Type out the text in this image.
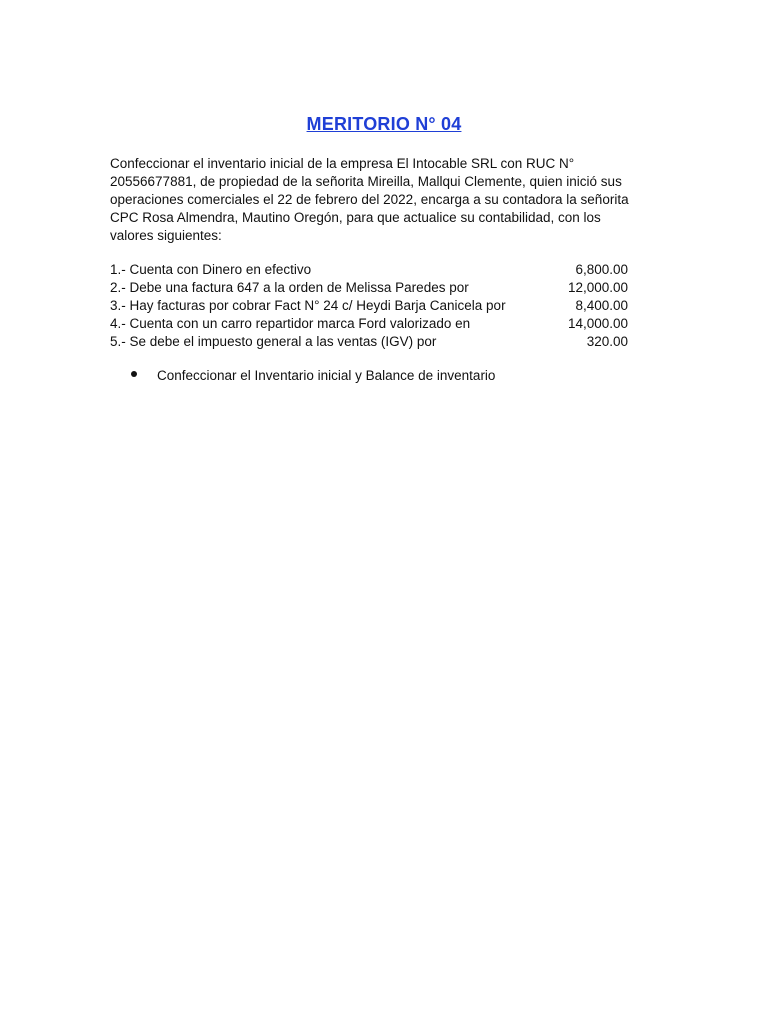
MERITORIO N° 04
Confeccionar el inventario inicial de la empresa El Intocable SRL con RUC N°
20556677881, de propiedad de la señorita Mireilla, Mallqui Clemente, quien inició sus
operaciones comerciales el 22 de febrero del 2022, encarga a su contadora la señorita
CPC Rosa Almendra, Mautino Oregón, para que actualice su contabilidad, con los
valores siguientes:
1.- Cuenta con Dinero en efectivo	6,800.00
2.- Debe una factura 647 a la orden de Melissa Paredes por	12,000.00
3.- Hay facturas por cobrar Fact N° 24 c/ Heydi Barja Canicela por	8,400.00
4.- Cuenta con un carro repartidor marca Ford valorizado en	14,000.00
5.- Se debe el impuesto general a las ventas (IGV) por	320.00
Confeccionar el Inventario inicial y Balance de inventario
